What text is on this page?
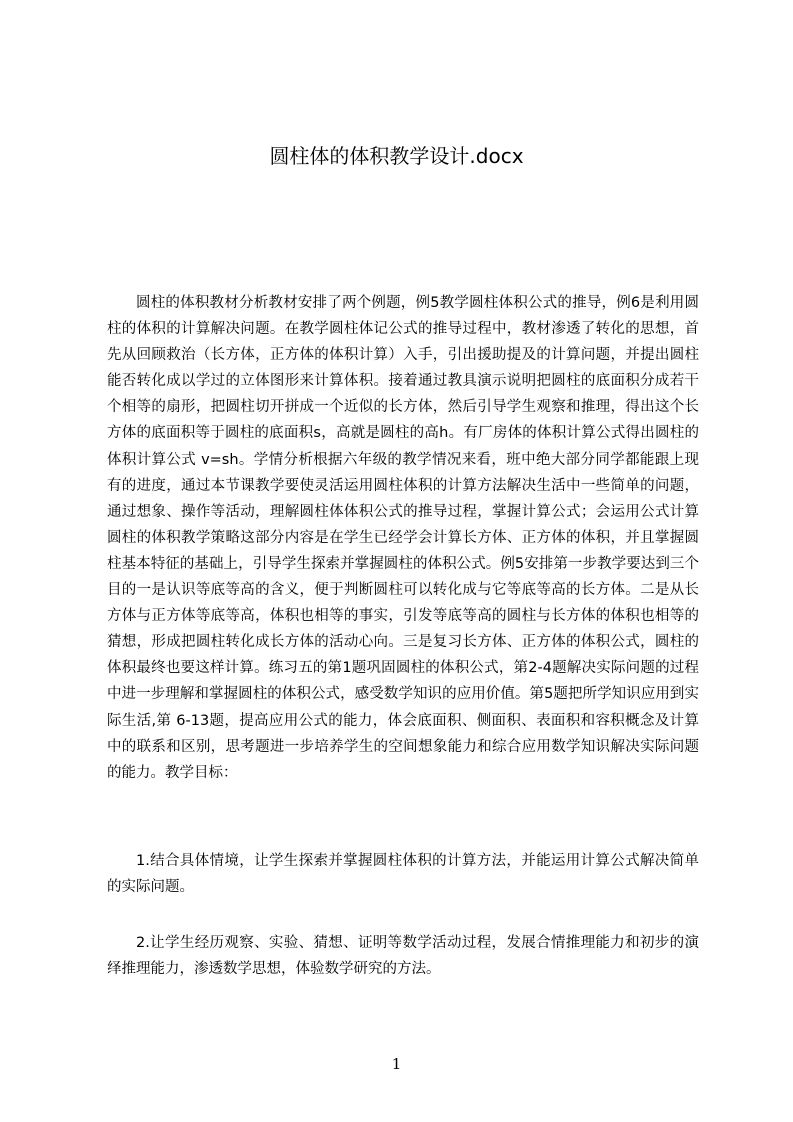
圆柱体的体积教学设计.docx
圆柱的体积教材分析教材安排了两个例题，例5教学圆柱体积公式的推导，例6是利用圆柱的体积的计算解决问题。在教学圆柱体记公式的推导过程中，教材渗透了转化的思想，首先从回顾救治（长方体，正方体的体积计算）入手，引出援助提及的计算问题，并提出圆柱能否转化成以学过的立体图形来计算体积。接着通过教具演示说明把圆柱的底面积分成若干个相等的扇形，把圆柱切开拼成一个近似的长方体，然后引导学生观察和推理，得出这个长方体的底面积等于圆柱的底面积s，高就是圆柱的高h。有厂房体的体积计算公式得出圆柱的体积计算公式 v=sh。学情分析根据六年级的教学情况来看，班中绝大部分同学都能跟上现有的进度，通过本节课教学要使灵活运用圆柱体积的计算方法解决生活中一些简单的问题，通过想象、操作等活动，理解圆柱体体积公式的推导过程，掌握计算公式；会运用公式计算圆柱的体积教学策略这部分内容是在学生已经学会计算长方体、正方体的体积，并且掌握圆柱基本特征的基础上，引导学生探索并掌握圆柱的体积公式。例5安排第一步教学要达到三个目的一是认识等底等高的含义，便于判断圆柱可以转化成与它等底等高的长方体。二是从长方体与正方体等底等高，体积也相等的事实，引发等底等高的圆柱与长方体的体积也相等的猜想，形成把圆柱转化成长方体的活动心向。三是复习长方体、正方体的体积公式，圆柱的体积最终也要这样计算。练习五的第1题巩固圆柱的体积公式，第2-4题解决实际问题的过程中进一步理解和掌握圆柱的体积公式，感受数学知识的应用价值。第5题把所学知识应用到实际生活,第 6-13题，提高应用公式的能力，体会底面积、侧面积、表面积和容积概念及计算中的联系和区别，思考题进一步培养学生的空间想象能力和综合应用数学知识解决实际问题的能力。教学目标：
1.结合具体情境，让学生探索并掌握圆柱体积的计算方法，并能运用计算公式解决简单的实际问题。
2.让学生经历观察、实验、猜想、证明等数学活动过程，发展合情推理能力和初步的演绎推理能力，渗透数学思想，体验数学研究的方法。
1
